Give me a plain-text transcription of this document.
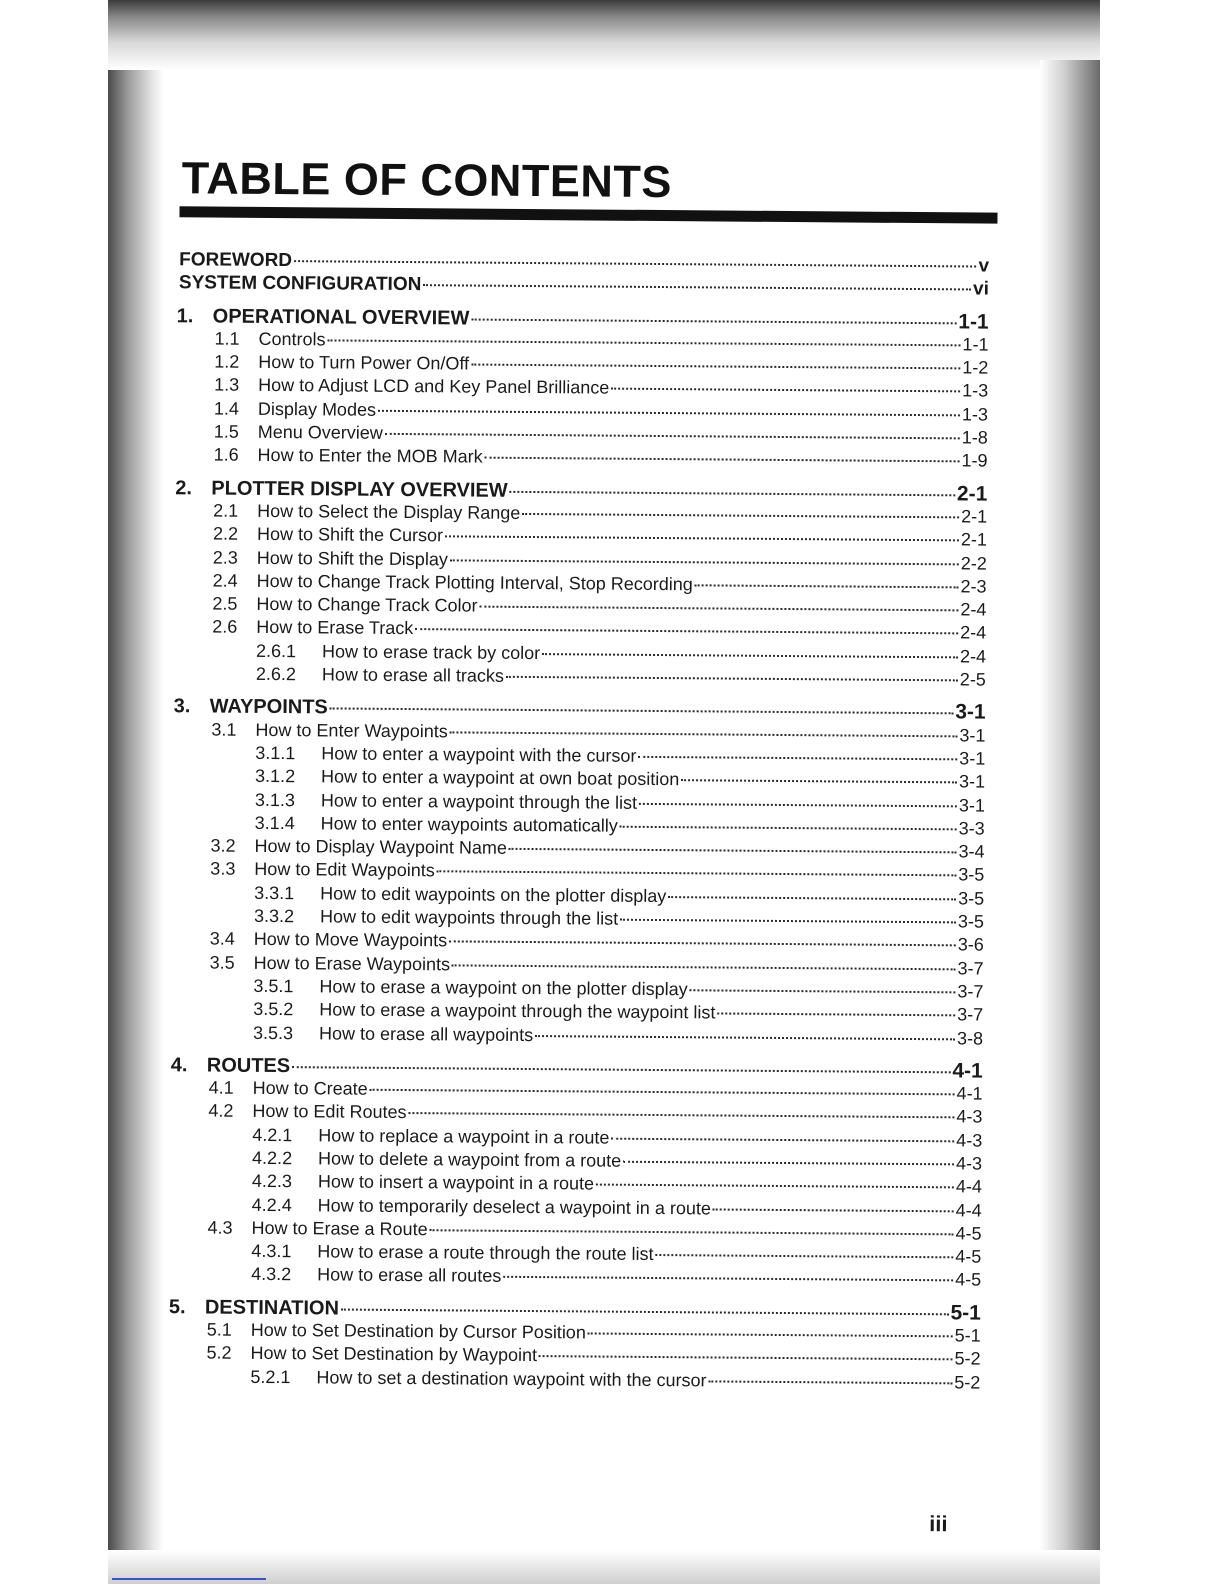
TABLE OF CONTENTS
FOREWORD	v
SYSTEM CONFIGURATION	vi
1. OPERATIONAL OVERVIEW	1-1
1.1	Controls	1-1
1.2	How to Turn Power On/Off	1-2
1.3	How to Adjust LCD and Key Panel Brilliance	1-3
1.4	Display Modes	1-3
1.5	Menu Overview	1-8
1.6	How to Enter the MOB Mark	1-9
2. PLOTTER DISPLAY OVERVIEW	2-1
2.1	How to Select the Display Range	2-1
2.2	How to Shift the Cursor	2-1
2.3	How to Shift the Display	2-2
2.4	How to Change Track Plotting Interval, Stop Recording	2-3
2.5	How to Change Track Color	2-4
2.6	How to Erase Track	2-4
2.6.1	How to erase track by color	2-4
2.6.2	How to erase all tracks	2-5
3. WAYPOINTS	3-1
3.1	How to Enter Waypoints	3-1
3.1.1	How to enter a waypoint with the cursor	3-1
3.1.2	How to enter a waypoint at own boat position	3-1
3.1.3	How to enter a waypoint through the list	3-1
3.1.4	How to enter waypoints automatically	3-3
3.2	How to Display Waypoint Name	3-4
3.3	How to Edit Waypoints	3-5
3.3.1	How to edit waypoints on the plotter display	3-5
3.3.2	How to edit waypoints through the list	3-5
3.4	How to Move Waypoints	3-6
3.5	How to Erase Waypoints	3-7
3.5.1	How to erase a waypoint on the plotter display	3-7
3.5.2	How to erase a waypoint through the waypoint list	3-7
3.5.3	How to erase all waypoints	3-8
4. ROUTES	4-1
4.1	How to Create	4-1
4.2	How to Edit Routes	4-3
4.2.1	How to replace a waypoint in a route	4-3
4.2.2	How to delete a waypoint from a route	4-3
4.2.3	How to insert a waypoint in a route	4-4
4.2.4	How to temporarily deselect a waypoint in a route	4-4
4.3	How to Erase a Route	4-5
4.3.1	How to erase a route through the route list	4-5
4.3.2	How to erase all routes	4-5
5. DESTINATION	5-1
5.1	How to Set Destination by Cursor Position	5-1
5.2	How to Set Destination by Waypoint	5-2
5.2.1	How to set a destination waypoint with the cursor	5-2
iii
